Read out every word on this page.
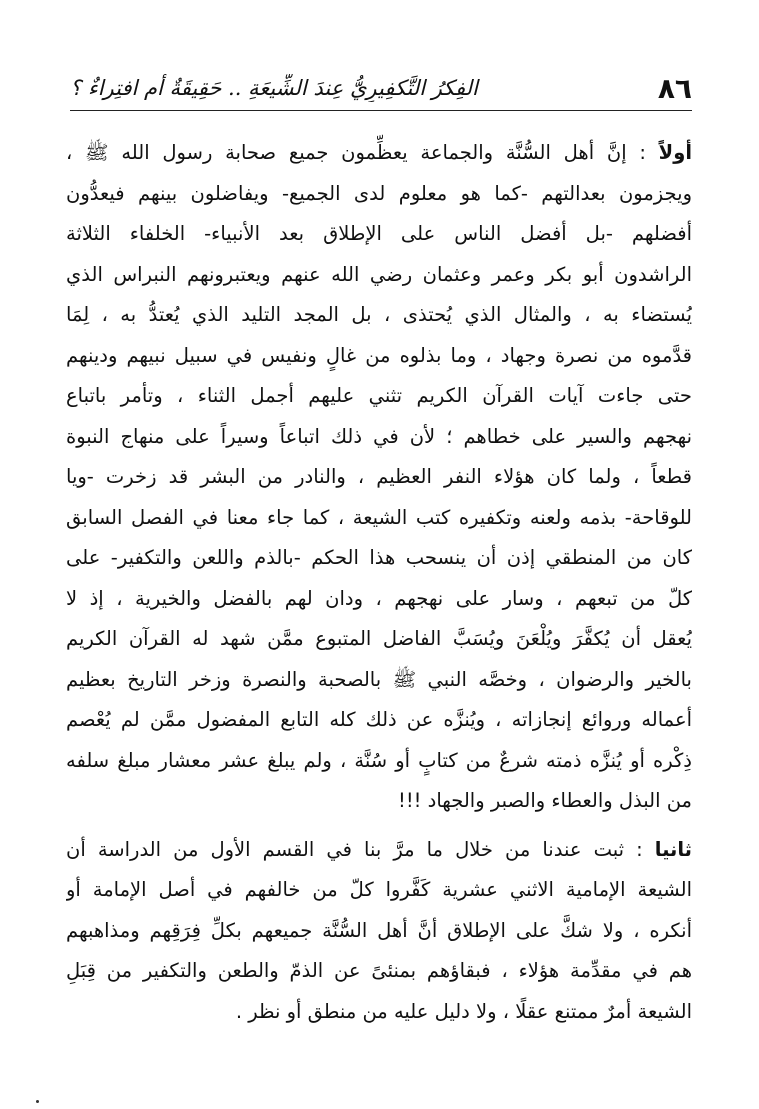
٨٦
الفِكرُ التَّكفِيرِيُّ عِندَ الشِّيعَةِ .. حَقِيقَةٌ أم افتِراءٌ ؟
أولاً : إنَّ أهل السُّنَّة والجماعة يعظِّمون جميع صحابة رسول الله ﷺ ،
ويجزمون بعدالتهم -كما هو معلوم لدى الجميع- ويفاضلون بينهم فيعدُّون
أفضلهم -بل أفضل الناس على الإطلاق بعد الأنبياء- الخلفاء الثلاثة
الراشدون أبو بكر وعمر وعثمان رضي الله عنهم ويعتبرونهم النبراس الذي
يُستضاء به ، والمثال الذي يُحتذى ، بل المجد التليد الذي يُعتدُّ به ، لِمَا
قدَّموه من نصرة وجهاد ، وما بذلوه من غالٍ ونفيس في سبيل نبيهم ودينهم
حتى جاءت آيات القرآن الكريم تثني عليهم أجمل الثناء ، وتأمر باتباع
نهجهم والسير على خطاهم ؛ لأن في ذلك اتباعاً وسيراً على منهاج النبوة
قطعاً ، ولما كان هؤلاء النفر العظيم ، والنادر من البشر قد زخرت -ويا
للوقاحة- بذمه ولعنه وتكفيره كتب الشيعة ، كما جاء معنا في الفصل السابق
كان من المنطقي إذن أن ينسحب هذا الحكم -بالذم واللعن والتكفير- على
كلّ من تبعهم ، وسار على نهجهم ، ودان لهم بالفضل والخيرية ، إذ لا
يُعقل أن يُكفَّرَ ويُلْعَنَ ويُسَبَّ الفاضل المتبوع ممَّن شهد له القرآن الكريم
بالخير والرضوان ، وخصَّه النبي ﷺ بالصحبة والنصرة وزخر التاريخ بعظيم
أعماله وروائع إنجازاته ، ويُنزَّه عن ذلك كله التابع المفضول ممَّن لم يُعْصم
ذِكْره أو يُنزَّه ذمته شرعٌ من كتابٍ أو سُنَّة ، ولم يبلغ عشر معشار مبلغ سلفه
من البذل والعطاء والصبر والجهاد !!!
ثانيا : ثبت عندنا من خلال ما مرَّ بنا في القسم الأول من الدراسة أن
الشيعة الإمامية الاثني عشرية كَفَّروا كلّ من خالفهم في أصل الإمامة أو
أنكره ، ولا شكَّ على الإطلاق أنَّ أهل السُّنَّة جميعهم بكلِّ فِرَقِهم ومذاهبهم
هم في مقدِّمة هؤلاء ، فبقاؤهم بمنئىً عن الذمّ والطعن والتكفير من قِبَلِ
الشيعة أمرٌ ممتنع عقلًا ، ولا دليل عليه من منطق أو نظر .
